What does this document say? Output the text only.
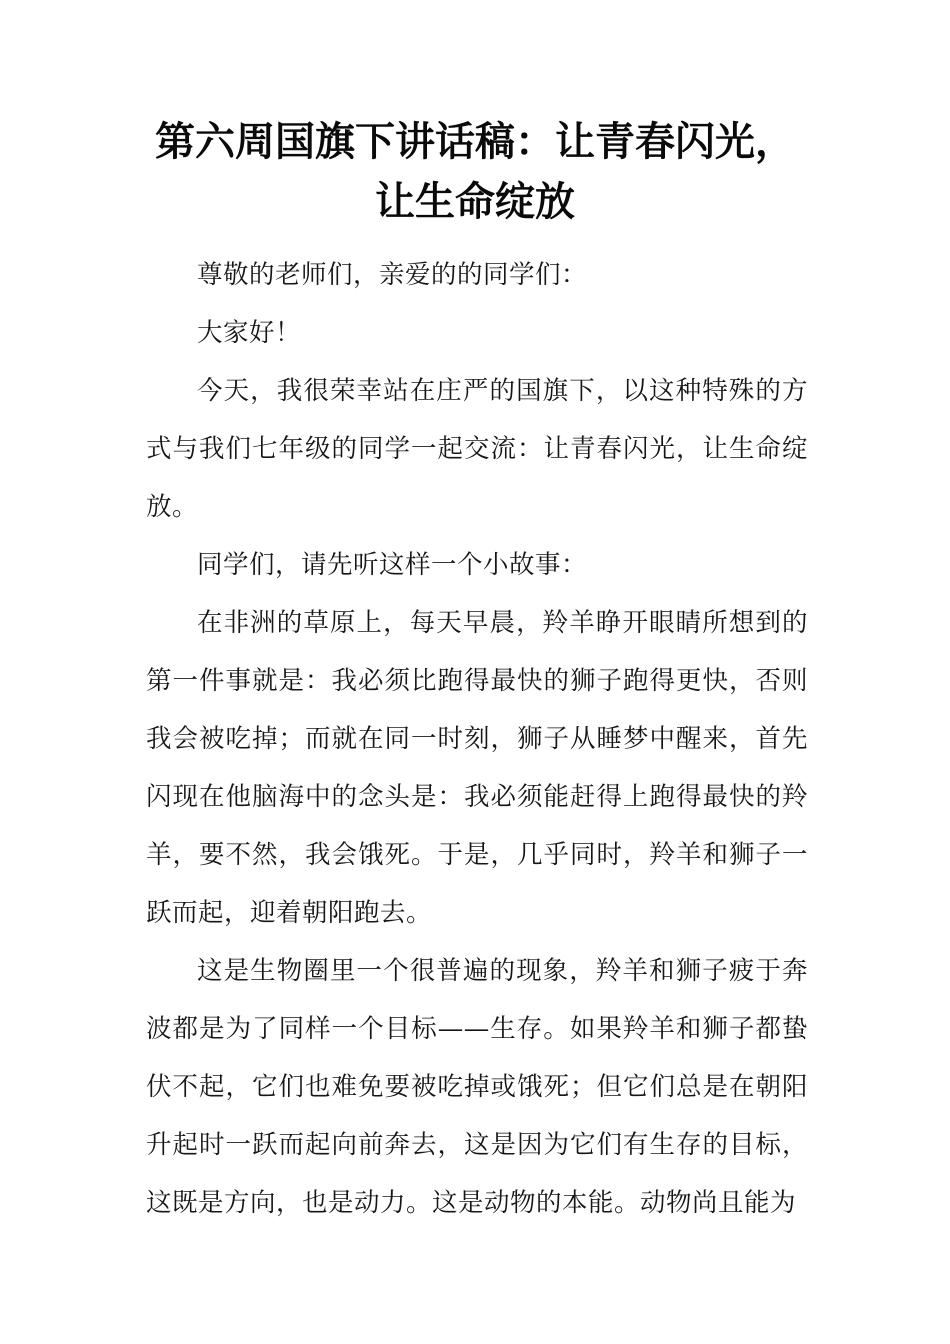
第六周国旗下讲话稿：让青春闪光，让生命绽放

尊敬的老师们，亲爱的的同学们：

大家好！

今天，我很荣幸站在庄严的国旗下，以这种特殊的方式与我们七年级的同学一起交流：让青春闪光，让生命绽放。

同学们，请先听这样一个小故事：

在非洲的草原上，每天早晨，羚羊睁开眼睛所想到的第一件事就是：我必须比跑得最快的狮子跑得更快，否则我会被吃掉；而就在同一时刻，狮子从睡梦中醒来，首先闪现在他脑海中的念头是：我必须能赶得上跑得最快的羚羊，要不然，我会饿死。于是，几乎同时，羚羊和狮子一跃而起，迎着朝阳跑去。

这是生物圈里一个很普遍的现象，羚羊和狮子疲于奔波都是为了同样一个目标——生存。如果羚羊和狮子都蛰伏不起，它们也难免要被吃掉或饿死；但它们总是在朝阳升起时一跃而起向前奔去，这是因为它们有生存的目标，这既是方向，也是动力。这是动物的本能。动物尚且能为
